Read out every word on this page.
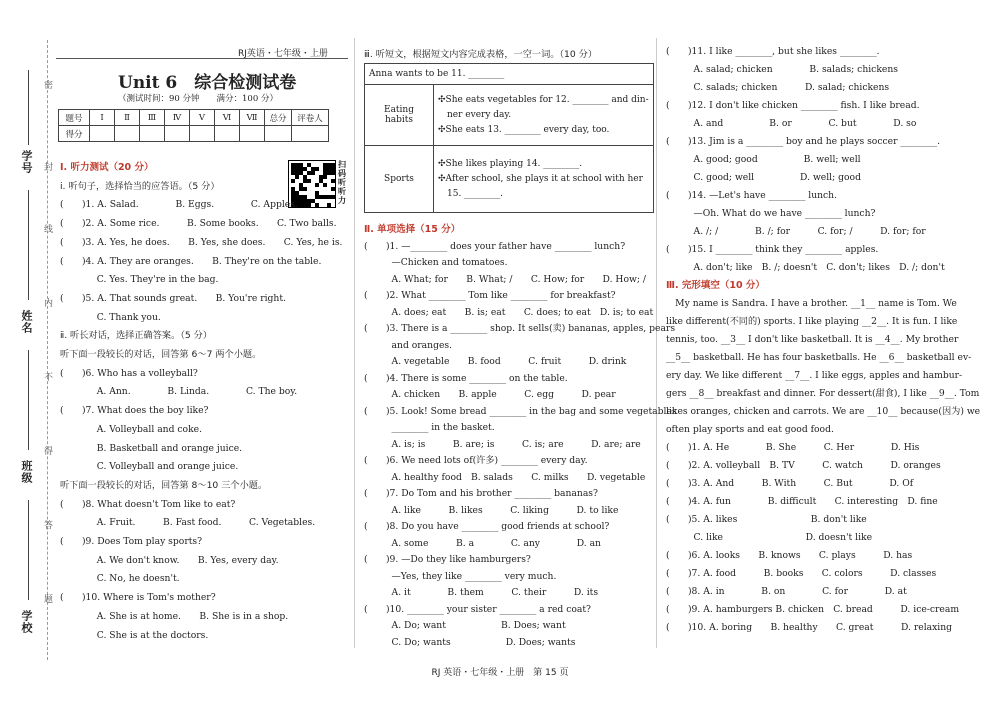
密
封
线
内
不
得
答
题
学号
姓名
班级
学校
RJ英语・七年级・上册
Unit 6　综合检测试卷
（测试时间：90 分钟　　满分：100 分）
题号	Ⅰ	Ⅱ	Ⅲ	Ⅳ	Ⅴ	Ⅵ	Ⅶ	总分	评卷人
得分									
扫码听听力
Ⅰ. 听力测试（20 分）
ⅰ. 听句子，选择恰当的应答语。（5 分）
(　　)1. A. Salad.　　　　B. Eggs.　　　　C. Apples.
(　　)2. A. Some rice.　　　B. Some books.　　C. Two balls.
(　　)3. A. Yes, he does.　　B. Yes, she does.　　C. Yes, he is.
(　　)4. A. They are oranges.　　B. They're on the table.
　　　　C. Yes. They're in the bag.
(　　)5. A. That sounds great.　　B. You're right.
　　　　C. Thank you.
ⅱ. 听长对话，选择正确答案。（5 分）
听下面一段较长的对话，回答第 6～7 两个小题。
(　　)6. Who has a volleyball?
　　　　A. Ann.　　　　B. Linda.　　　　C. The boy.
(　　)7. What does the boy like?
　　　　A. Volleyball and coke.
　　　　B. Basketball and orange juice.
　　　　C. Volleyball and orange juice.
听下面一段较长的对话，回答第 8～10 三个小题。
(　　)8. What doesn't Tom like to eat?
　　　　A. Fruit.　　　B. Fast food.　　　C. Vegetables.
(　　)9. Does Tom play sports?
　　　　A. We don't know.　　B. Yes, every day.
　　　　C. No, he doesn't.
(　　)10. Where is Tom's mother?
　　　　A. She is at home.　　B. She is in a shop.
　　　　C. She is at the doctors.
ⅲ. 听短文，根据短文内容完成表格，一空一词。（10 分）
Anna wants to be 11. ________	
Eating habits	✣She eats vegetables for 12. ________ and din-
ner every day.
✣She eats 13. ________ every day, too.

Sports	✣She likes playing 14. ________.
✣After school, she plays it at school with her
15. ________.
Ⅱ. 单项选择（15 分）
(　　)1. —________ does your father have ________ lunch?
　　　—Chicken and tomatoes.
　　　A. What; for　　B. What; /　　C. How; for　　D. How; /
(　　)2. What ________ Tom like ________ for breakfast?
　　　A. does; eat　　B. is; eat　　C. does; to eat　D. is; to eat
(　　)3. There is a ________ shop. It sells(卖) bananas, apples, pears
　　　and oranges.
　　　A. vegetable　　B. food　　　C. fruit　　　D. drink
(　　)4. There is some ________ on the table.
　　　A. chicken　　B. apple　　　C. egg　　　D. pear
(　　)5. Look! Some bread ________ in the bag and some vegetables
　　　________ in the basket.
　　　A. is; is　　　B. are; is　　　C. is; are　　　D. are; are
(　　)6. We need lots of(许多) ________ every day.
　　　A. healthy food　B. salads　　C. milks　　D. vegetable
(　　)7. Do Tom and his brother ________ bananas?
　　　A. like　　　B. likes　　　C. liking　　　D. to like
(　　)8. Do you have ________ good friends at school?
　　　A. some　　　B. a　　　　C. any　　　　D. an
(　　)9. —Do they like hamburgers?
　　　—Yes, they like ________ very much.
　　　A. it　　　　B. them　　　C. their　　　D. its
(　　)10. ________ your sister ________ a red coat?
　　　A. Do; want　　　　　　B. Does; want
　　　C. Do; wants　　　　　　D. Does; wants
(　　)11. I like ________, but she likes ________.
　　　A. salad; chicken　　　　B. salads; chickens
　　　C. salads; chicken　　　D. salad; chickens
(　　)12. I don't like chicken ________ fish. I like bread.
　　　A. and　　　　　B. or　　　　C. but　　　　D. so
(　　)13. Jim is a ________ boy and he plays soccer ________.
　　　A. good; good　　　　　B. well; well
　　　C. good; well　　　　　D. well; good
(　　)14. —Let's have ________ lunch.
　　　—Oh. What do we have ________ lunch?
　　　A. /; /　　　　B. /; for　　　C. for; /　　　D. for; for
(　　)15. I ________ think they ________ apples.
　　　A. don't; like　B. /; doesn't　C. don't; likes　D. /; don't
Ⅲ. 完形填空（10 分）
　My name is Sandra. I have a brother. __1__ name is Tom. We
like different(不同的) sports. I like playing __2__. It is fun. I like
tennis, too. __3__ I don't like basketball. It is __4__. My brother
__5__ basketball. He has four basketballs. He __6__ basketball ev-
ery day. We like different __7__. I like eggs, apples and hambur-
gers __8__ breakfast and dinner. For dessert(甜食), I like __9__. Tom
likes oranges, chicken and carrots. We are __10__ because(因为) we
often play sports and eat good food.
(　　)1. A. He　　　　B. She　　　C. Her　　　　D. His
(　　)2. A. volleyball　B. TV　　　C. watch　　　D. oranges
(　　)3. A. And　　　B. With　　　C. But　　　　D. Of
(　　)4. A. fun　　　　B. difficult　　C. interesting　D. fine
(　　)5. A. likes　　　　　　　　B. don't like
　　　C. like　　　　　　　　　D. doesn't like
(　　)6. A. looks　　B. knows　　C. plays　　　D. has
(　　)7. A. food　　　B. books　　C. colors　　　D. classes
(　　)8. A. in　　　　B. on　　　　C. for　　　　D. at
(　　)9. A. hamburgers B. chicken　C. bread　　　D. ice-cream
(　　)10. A. boring　　B. healthy　　C. great　　　D. relaxing
RJ 英语・七年级・上册　第 15 页
